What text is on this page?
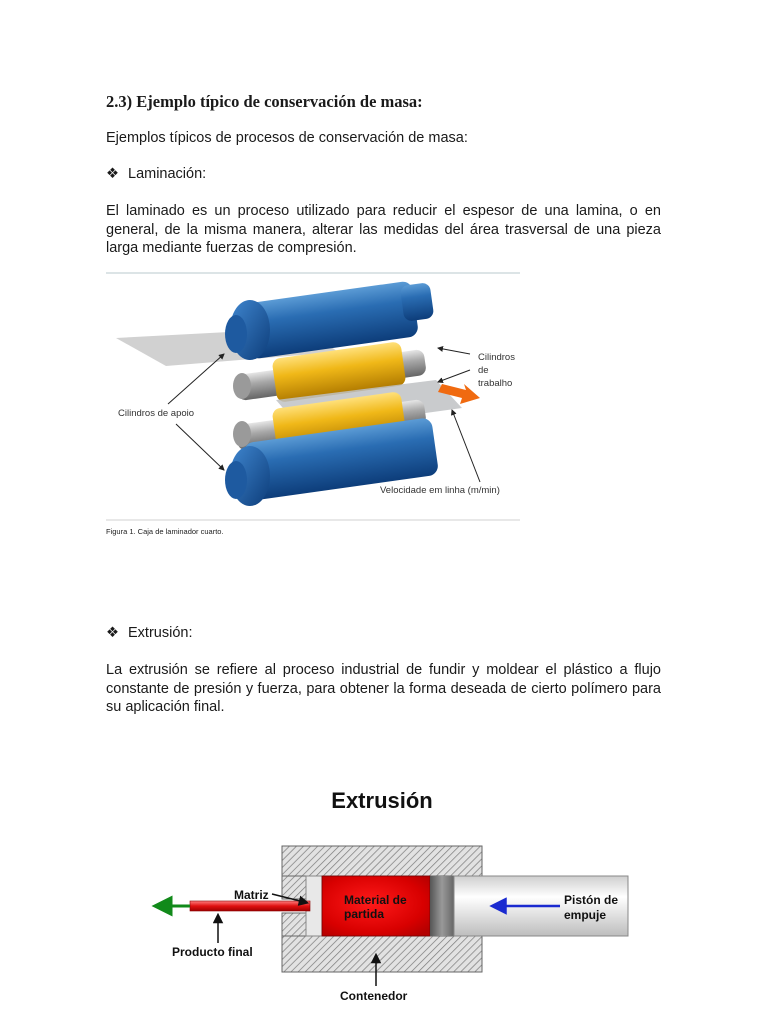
2.3) Ejemplo típico de conservación de masa:
Ejemplos típicos de procesos de conservación de masa:
❖ Laminación:
El laminado es un proceso utilizado para reducir el espesor de una lamina, o en general, de la misma manera, alterar las medidas del área trasversal de una pieza larga mediante fuerzas de compresión.
Cilindros
de
trabalho
Cilindros de apoio
Velocidade em linha (m/min)
Figura 1. Caja de laminador cuarto.
❖ Extrusión:
La extrusión se refiere al proceso industrial de fundir y moldear el plástico a flujo constante de presión y fuerza, para obtener la forma deseada de cierto polímero para su aplicación final.
Extrusión
Matriz	Material de
partida
Pistón de
empuje
Producto final
Contenedor
